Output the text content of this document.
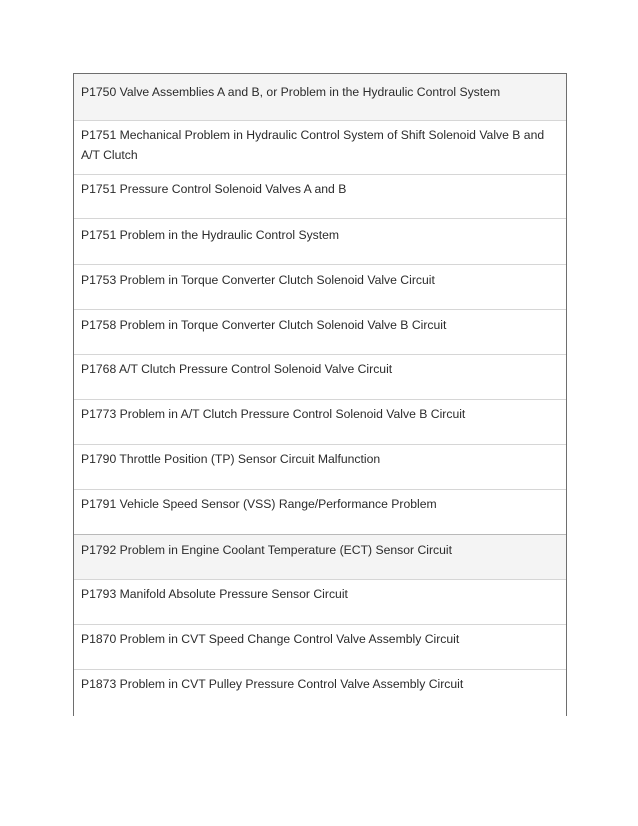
P1750 Valve Assemblies A and B, or Problem in the Hydraulic Control System
P1751 Mechanical Problem in Hydraulic Control System of Shift Solenoid Valve B and A/T Clutch
P1751 Pressure Control Solenoid Valves A and B
P1751 Problem in the Hydraulic Control System
P1753 Problem in Torque Converter Clutch Solenoid Valve Circuit
P1758 Problem in Torque Converter Clutch Solenoid Valve B Circuit
P1768 A/T Clutch Pressure Control Solenoid Valve Circuit
P1773 Problem in A/T Clutch Pressure Control Solenoid Valve B Circuit
P1790 Throttle Position (TP) Sensor Circuit Malfunction
P1791 Vehicle Speed Sensor (VSS) Range/Performance Problem
P1792 Problem in Engine Coolant Temperature (ECT) Sensor Circuit
P1793 Manifold Absolute Pressure Sensor Circuit
P1870 Problem in CVT Speed Change Control Valve Assembly Circuit
P1873 Problem in CVT Pulley Pressure Control Valve Assembly Circuit
